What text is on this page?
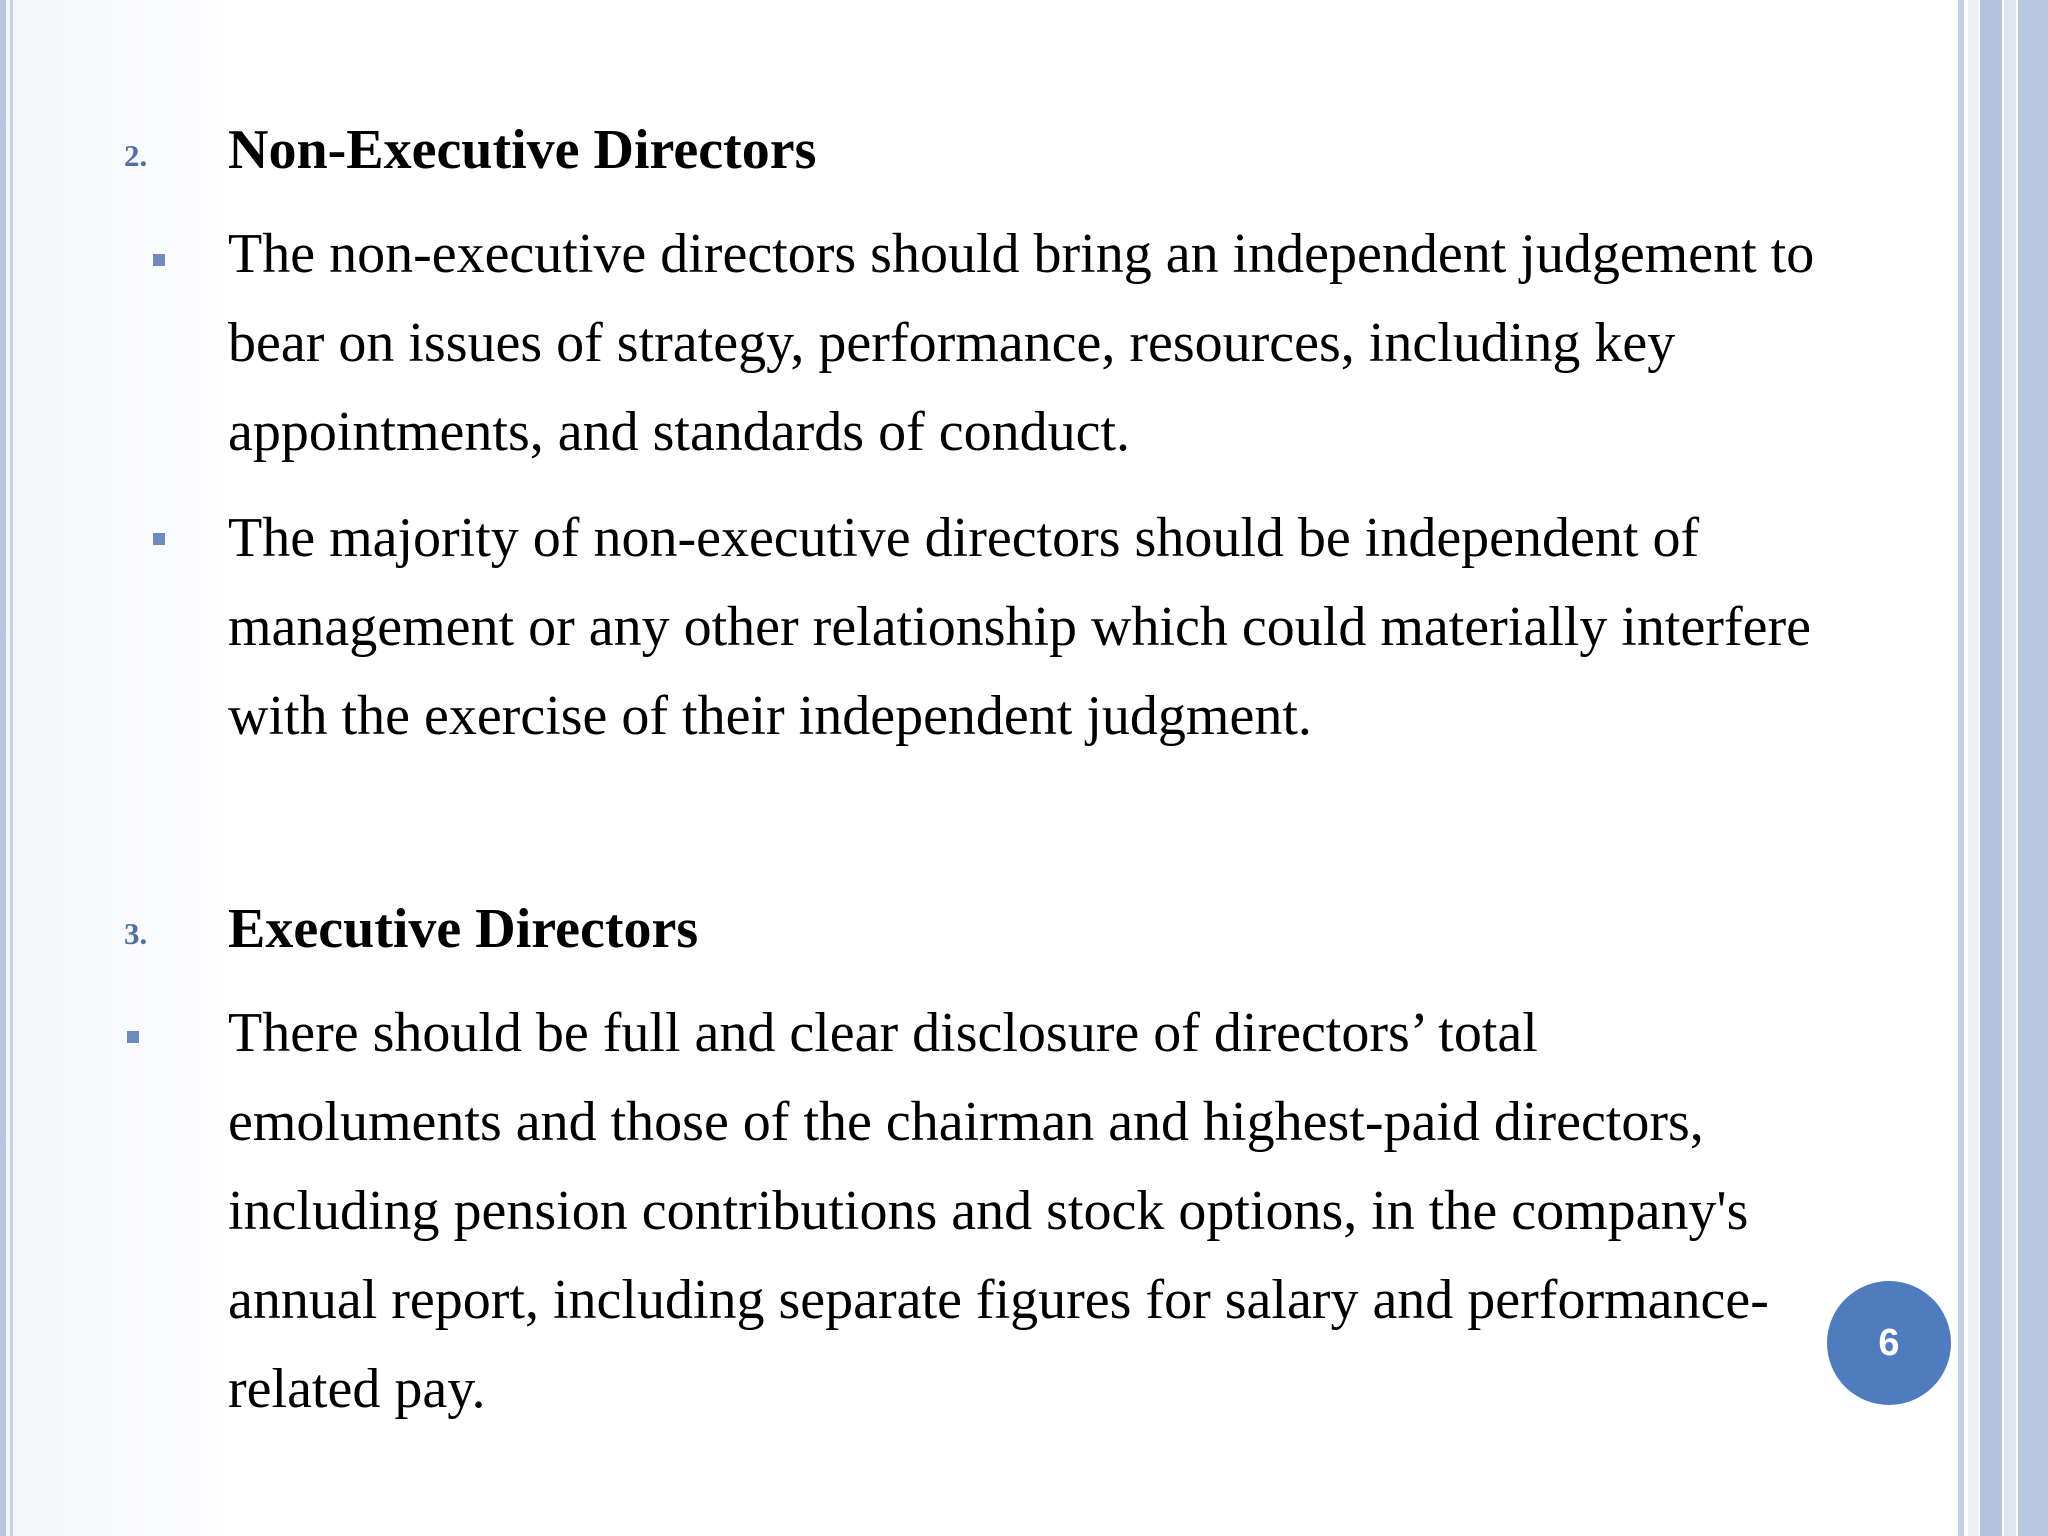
2. Non-Executive Directors
The non-executive directors should bring an independent judgement to
bear on issues of strategy, performance, resources, including key
appointments, and standards of conduct.
The majority of non-executive directors should be independent of
management or any other relationship which could materially interfere
with the exercise of their independent judgment.
3. Executive Directors
There should be full and clear disclosure of directors’ total
emoluments and those of the chairman and highest-paid directors,
including pension contributions and stock options, in the company's
annual report, including separate figures for salary and performance-
related pay.
6
